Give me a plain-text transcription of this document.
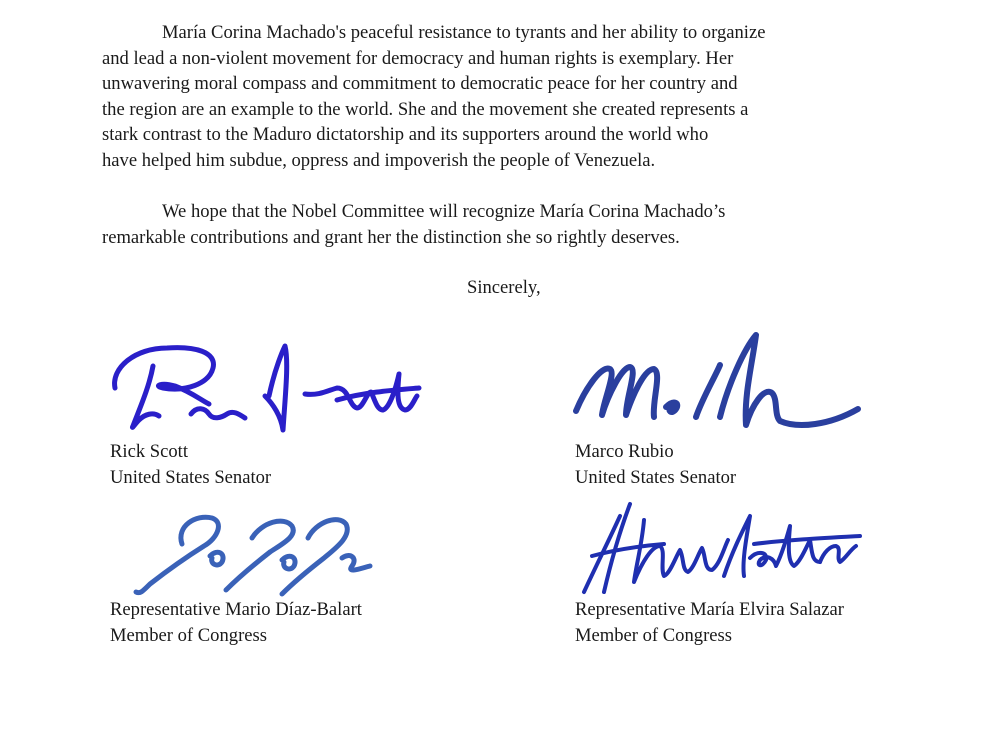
María Corina Machado's peaceful resistance to tyrants and her ability to organize
and lead a non-violent movement for democracy and human rights is exemplary. Her
unwavering moral compass and commitment to democratic peace for her country and
the region are an example to the world. She and the movement she created represents a
stark contrast to the Maduro dictatorship and its supporters around the world who
have helped him subdue, oppress and impoverish the people of Venezuela.
We hope that the Nobel Committee will recognize María Corina Machado’s
remarkable contributions and grant her the distinction she so rightly deserves.
Sincerely,
Rick Scott
United States Senator
Marco Rubio
United States Senator
Representative Mario Díaz-Balart
Member of Congress
Representative María Elvira Salazar
Member of Congress
